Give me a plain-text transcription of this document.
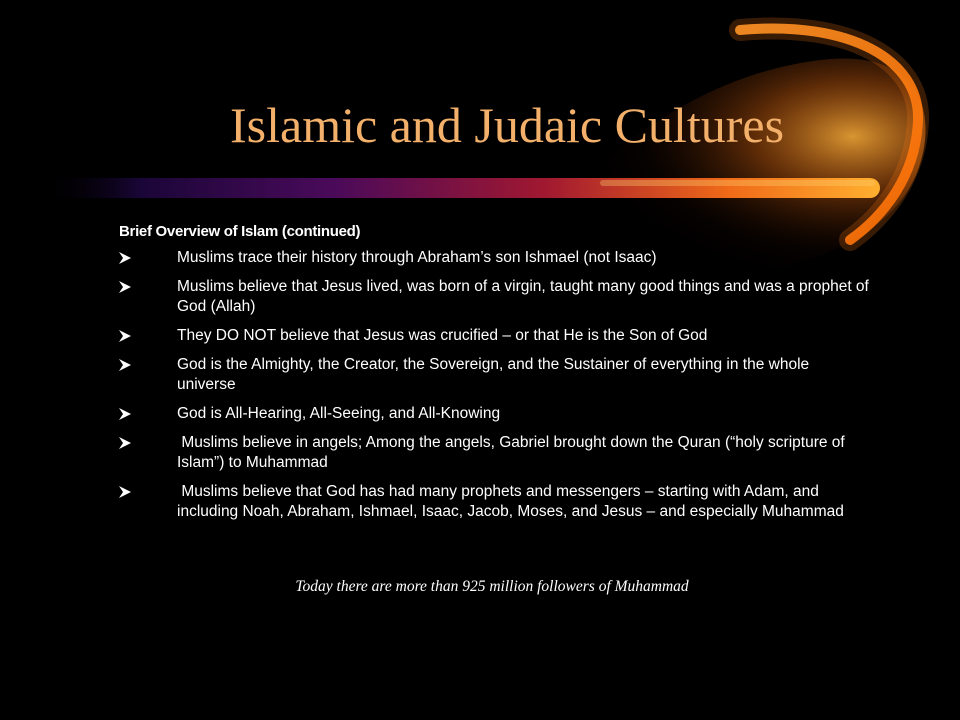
Islamic and Judaic Cultures

Brief Overview of Islam (continued)

Muslims trace their history through Abraham’s son Ishmael (not Isaac)
Muslims believe that Jesus lived, was born of a virgin, taught many good things and was a prophet of God (Allah)
They DO NOT believe that Jesus was crucified – or that He is the Son of God
God is the Almighty, the Creator, the Sovereign, and the Sustainer of everything in the whole   universe
God is All-Hearing, All-Seeing, and All-Knowing
Muslims believe in angels; Among the angels, Gabriel brought down the Quran (“holy scripture of Islam”) to Muhammad
Muslims believe that God has had many prophets and messengers – starting with Adam, and including Noah, Abraham, Ishmael, Isaac, Jacob, Moses, and Jesus – and especially Muhammad

Today there are more than 925 million followers of Muhammad
